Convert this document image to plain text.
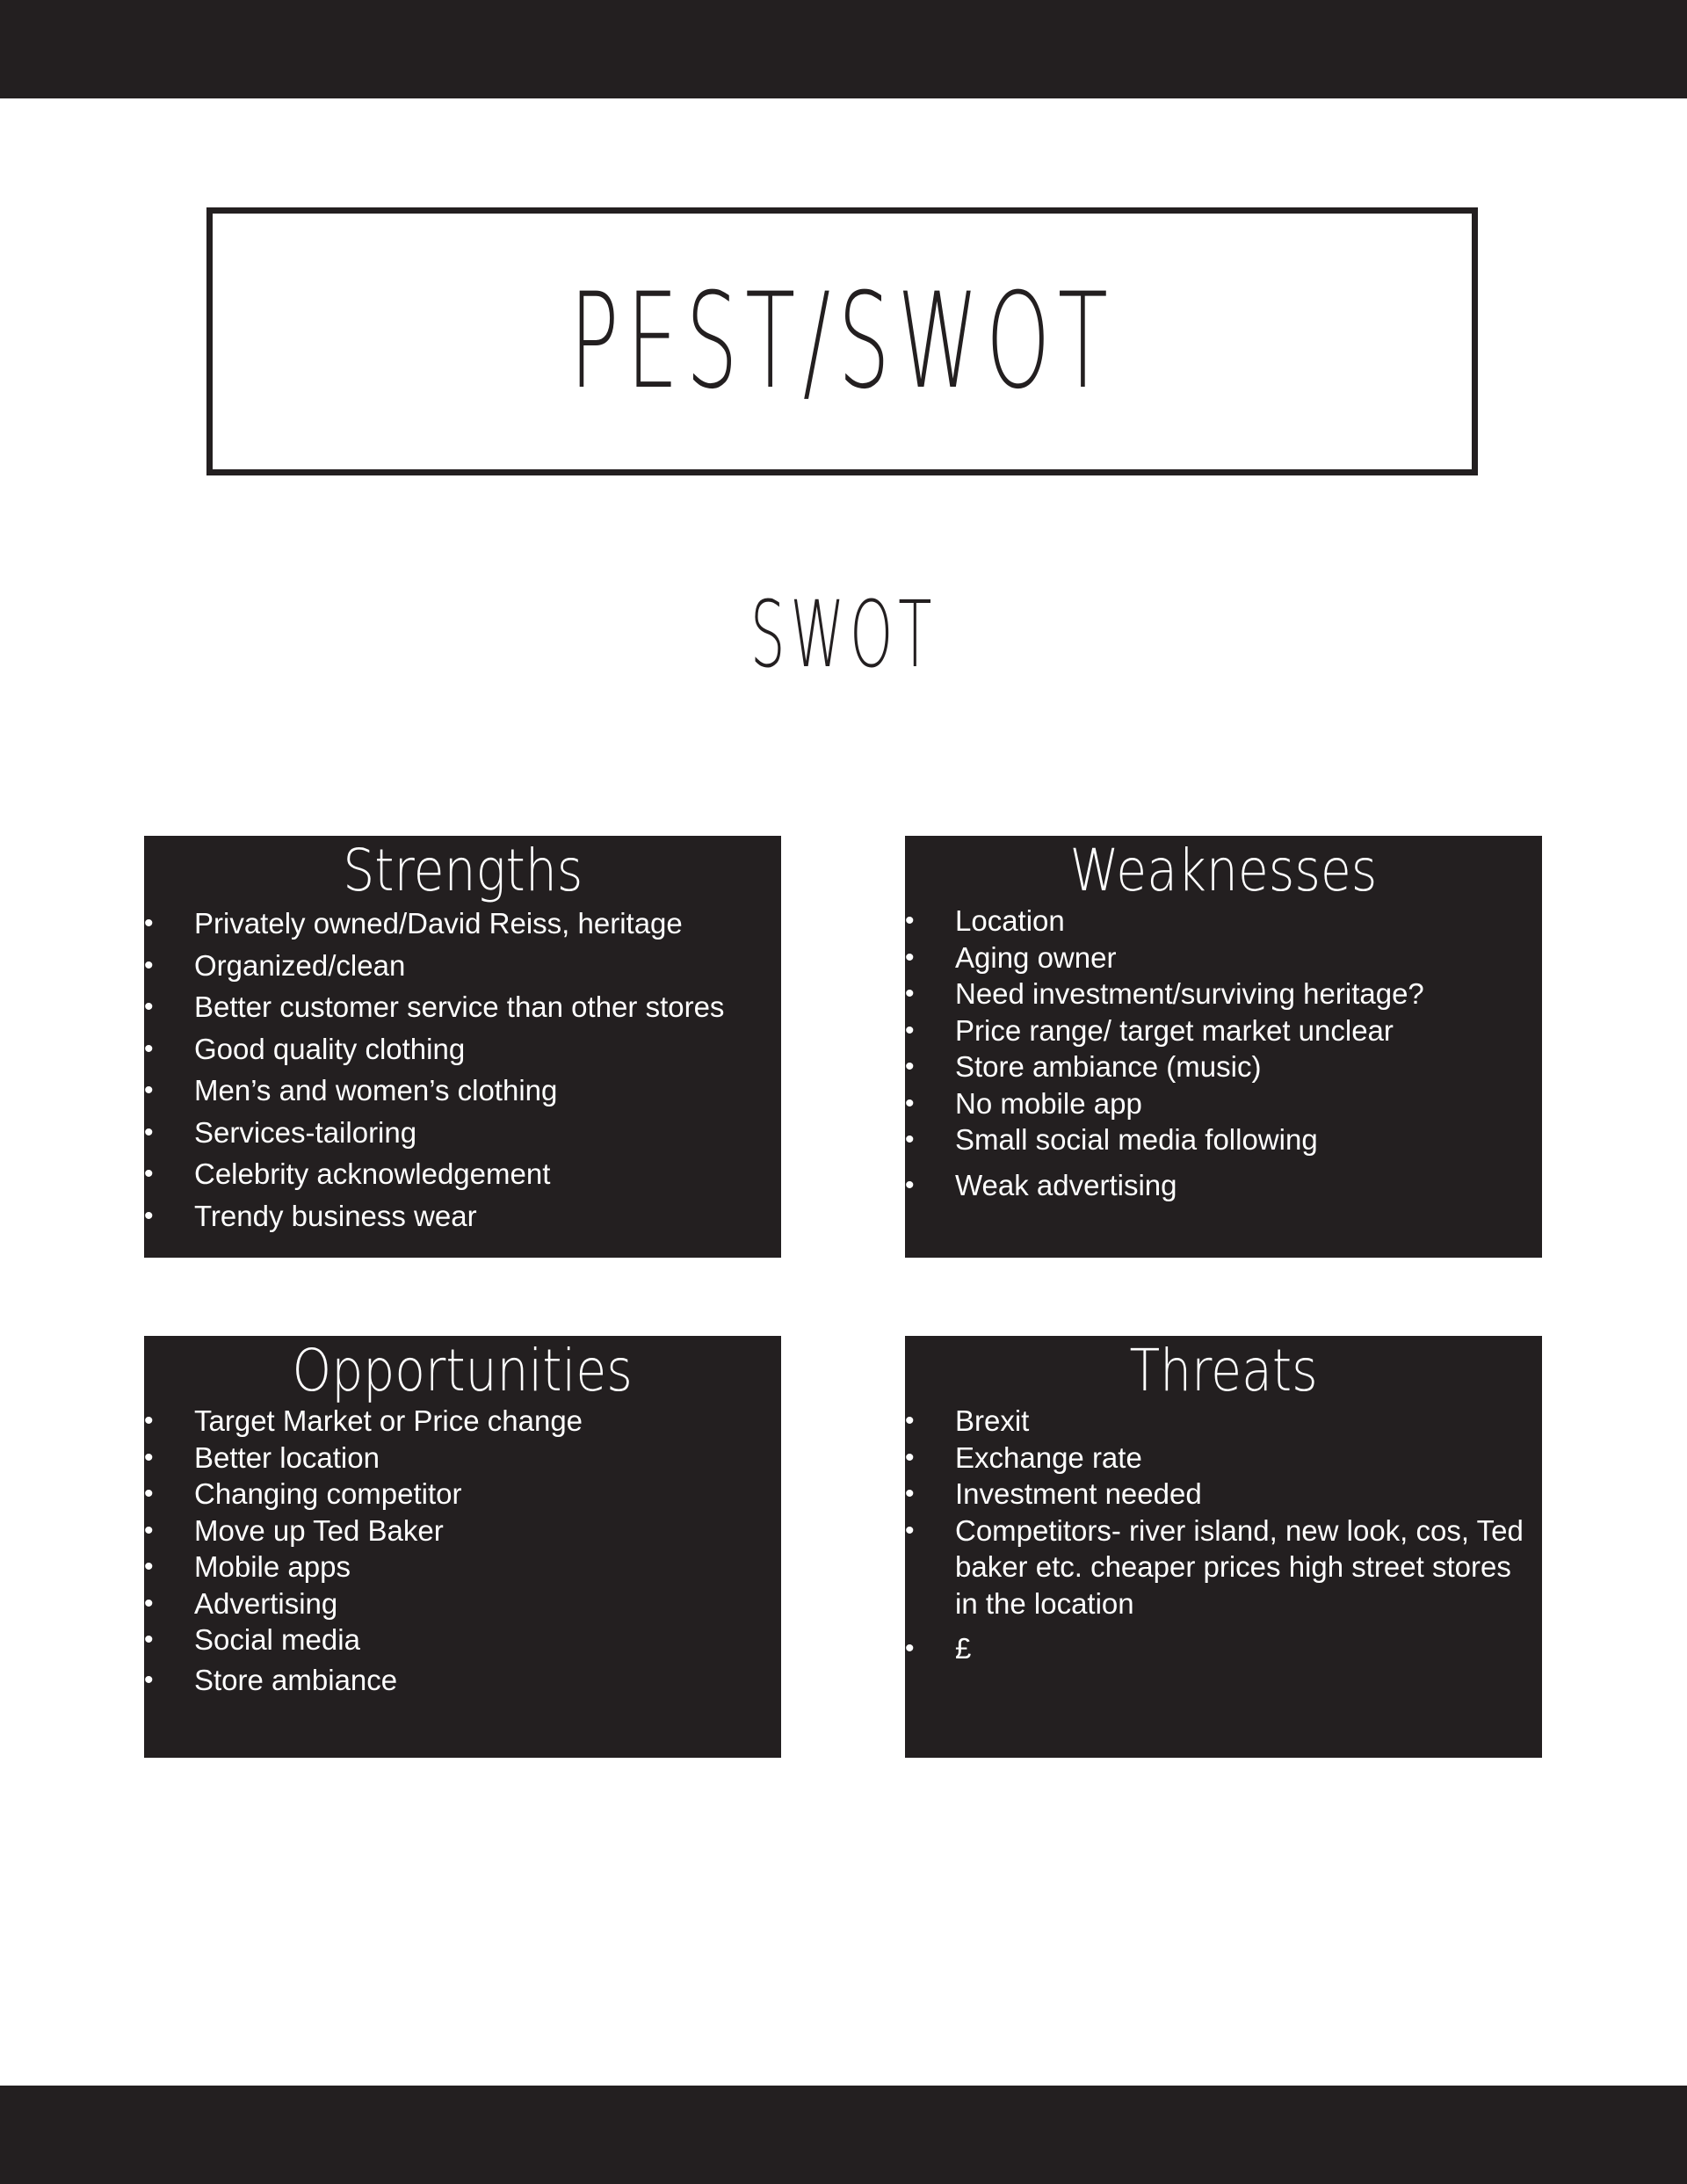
PEST/SWOT
SWOT
Strengths
• Privately owned/David Reiss, heritage
• Organized/clean
• Better customer service than other stores
• Good quality clothing
• Men’s and women’s clothing
• Services-tailoring
• Celebrity acknowledgement
• Trendy business wear
Weaknesses
• Location
• Aging owner
• Need investment/surviving heritage?
• Price range/ target market unclear
• Store ambiance (music)
• No mobile app
• Small social media following
• Weak advertising
Opportunities
• Target Market or Price change
• Better location
• Changing competitor
• Move up Ted Baker
• Mobile apps
• Advertising
• Social media
• Store ambiance
Threats
• Brexit
• Exchange rate
• Investment needed
• Competitors- river island, new look, cos, Ted baker etc. cheaper prices high street stores in the location
• £
